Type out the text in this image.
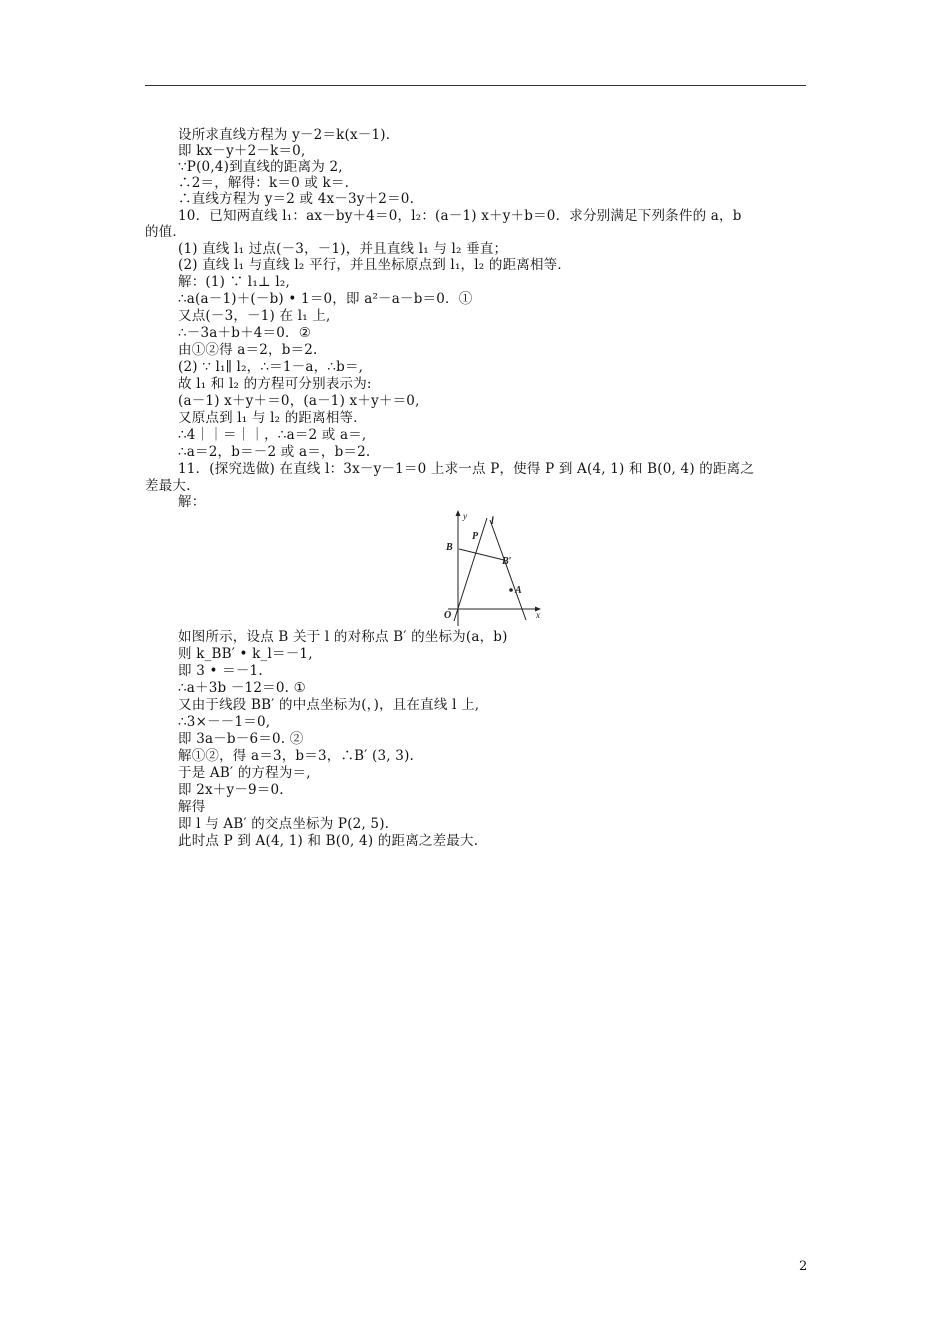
设所求直线方程为 y－2＝k(x－1)．
即 kx－y＋2－k＝0,
∵P(0,4)到直线的距离为 2,
∴2＝，解得：k＝0 或 k＝.
∴直线方程为 y＝2 或 4x－3y＋2＝0.
10．已知两直线 l₁：ax－by＋4＝0，l₂：(a－1) x＋y＋b＝0．求分别满足下列条件的 a，b
的值．
(1) 直线 l₁ 过点(－3，－1)，并且直线 l₁ 与 l₂ 垂直；
(2) 直线 l₁ 与直线 l₂ 平行，并且坐标原点到 l₁，l₂ 的距离相等．
解：(1) ∵ l₁⊥ l₂,
∴a(a－1)＋(－b) • 1＝0，即 a²－a－b＝0．①
又点(－3，－1) 在 l₁ 上,
∴－3a＋b＋4＝0．②
由①②得 a＝2，b＝2.
(2) ∵ l₁∥ l₂，∴＝1－a，∴b＝,
故 l₁ 和 l₂ 的方程可分别表示为:
(a－1) x＋y＋＝0，(a－1) x＋y＋＝0,
又原点到 l₁ 与 l₂ 的距离相等．
∴4｜｜＝｜｜，∴a＝2 或 a＝,
∴a＝2，b＝－2 或 a＝，b＝2.
11．(探究选做) 在直线 l：3x－y－1＝0 上求一点 P，使得 P 到 A(4, 1) 和 B(0, 4) 的距离之
差最大.
解：
如图所示，设点 B 关于 l 的对称点 B′ 的坐标为(a，b)
则 k_BB′ • k_l＝－1,
即 3 • ＝－1.
∴a＋3b －12＝0. ①
又由于线段 BB′ 的中点坐标为(，)，且在直线 l 上,
∴3×－－1＝0,
即 3a－b－6＝0. ②
解①②，得 a＝3，b＝3，∴B′ (3, 3).
于是 AB′ 的方程为＝,
即 2x＋y－9＝0.
解得
即 l 与 AB′ 的交点坐标为 P(2, 5).
此时点 P 到 A(4, 1) 和 B(0, 4) 的距离之差最大.
y
x
O
l
B
P
B′
A
2
